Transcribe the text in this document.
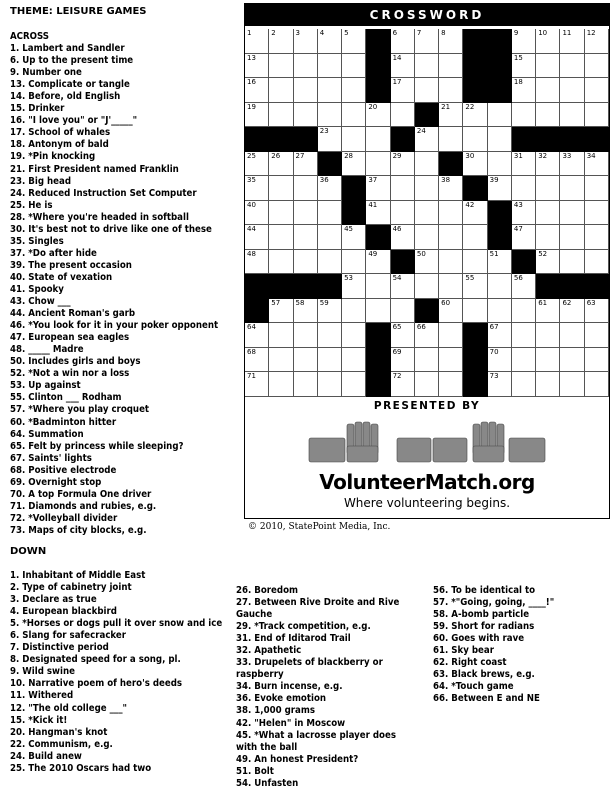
THEME: LEISURE GAMES
ACROSS
1. Lambert and Sandler
6. Up to the present time
9. Number one
13. Complicate or tangle
14. Before, old English
15. Drinker
16. "I love you" or "J'_____"
17. School of whales
18. Antonym of bald
19. *Pin knocking
21. First President named Franklin
23. Big head
24. Reduced Instruction Set Computer
25. He is
28. *Where you're headed in softball
30. It's best not to drive like one of these
35. Singles
37. *Do after hide
39. The present occasion
40. State of vexation
41. Spooky
43. Chow ___
44. Ancient Roman's garb
46. *You look for it in your poker opponent
47. European sea eagles
48. _____ Madre
50. Includes girls and boys
52. *Not a win nor a loss
53. Up against
55. Clinton ___ Rodham
57. *Where you play croquet
60. *Badminton hitter
64. Summation
65. Felt by princess while sleeping?
67. Saints' lights
68. Positive electrode
69. Overnight stop
70. A top Formula One driver
71. Diamonds and rubies, e.g.
72. *Volleyball divider
73. Maps of city blocks, e.g.
DOWN
1. Inhabitant of Middle East
2. Type of cabinetry joint
3. Declare as true
4. European blackbird
5. *Horses or dogs pull it over snow and ice
6. Slang for safecracker
7. Distinctive period
8. Designated speed for a song, pl.
9. Wild swine
10. Narrative poem of hero's deeds
11. Withered
12. "The old college ___"
15. *Kick it!
20. Hangman's knot
22. Communism, e.g.
24. Build anew
25. The 2010 Oscars had two
26. Boredom
27. Between Rive Droite and Rive Gauche
29. *Track competition, e.g.
31. End of Iditarod Trail
32. Apathetic
33. Drupelets of blackberry or raspberry
34. Burn incense, e.g.
36. Evoke emotion
38. 1,000 grams
42. "Helen" in Moscow
45. *What a lacrosse player does with the ball
49. An honest President?
51. Bolt
54. Unfasten
56. To be identical to
57. *"Going, going, ____!"
58. A-bomb particle
59. Short for radians
60. Goes with rave
61. Sky bear
62. Right coast
63. Black brews, e.g.
64. *Touch game
66. Between E and NE
CROSSWORD
1	2	3	4	5	6	7	8	9	10 11 12
13	14	15
16	17	18
19	20	21 22
23	24
25 26 27	28	29	30	31 32 33 34
35	36	37	38	39
40	41	42	43
44	45	46	47
48	49	50	51	52
53	54	55	56
57 58 59	60	61 62 63
64	65 66	67
68	69	70
71	72	73
PRESENTED BY
VolunteerMatch.org
Where volunteering begins.
© 2010, StatePoint Media, Inc.
